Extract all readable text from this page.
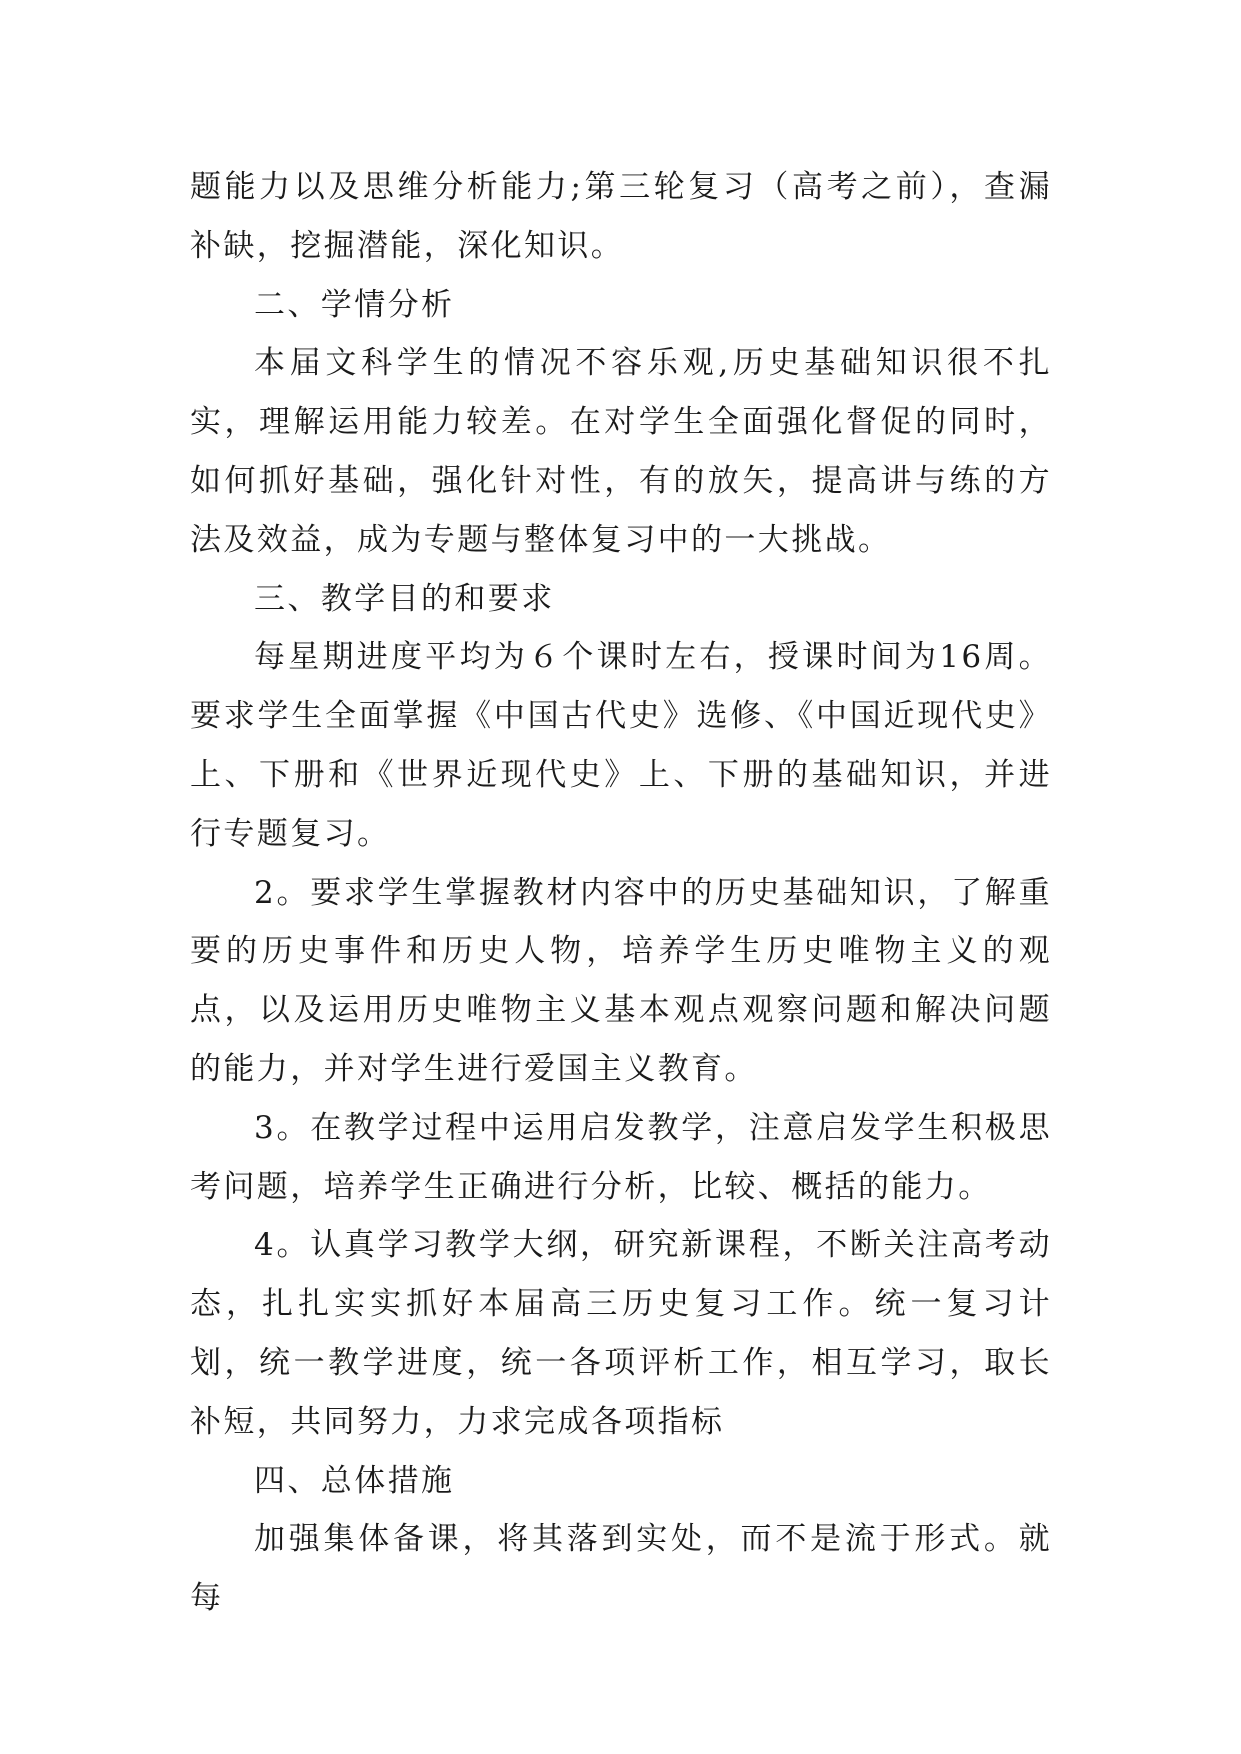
题能力以及思维分析能力;第三轮复习（高考之前），查漏补缺，挖掘潜能，深化知识。

二、学情分析

本届文科学生的情况不容乐观,历史基础知识很不扎实，理解运用能力较差。在对学生全面强化督促的同时，如何抓好基础，强化针对性，有的放矢，提高讲与练的方法及效益，成为专题与整体复习中的一大挑战。

三、教学目的和要求

每星期进度平均为６个课时左右，授课时间为16周。要求学生全面掌握《中国古代史》选修、《中国近现代史》上、下册和《世界近现代史》上、下册的基础知识，并进行专题复习。

2。要求学生掌握教材内容中的历史基础知识，了解重要的历史事件和历史人物，培养学生历史唯物主义的观点，以及运用历史唯物主义基本观点观察问题和解决问题的能力，并对学生进行爱国主义教育。

3。在教学过程中运用启发教学，注意启发学生积极思考问题，培养学生正确进行分析，比较、概括的能力。

4。认真学习教学大纲，研究新课程，不断关注高考动态，扎扎实实抓好本届高三历史复习工作。统一复习计划，统一教学进度，统一各项评析工作，相互学习，取长补短，共同努力，力求完成各项指标

四、总体措施

加强集体备课，将其落到实处，而不是流于形式。就每
